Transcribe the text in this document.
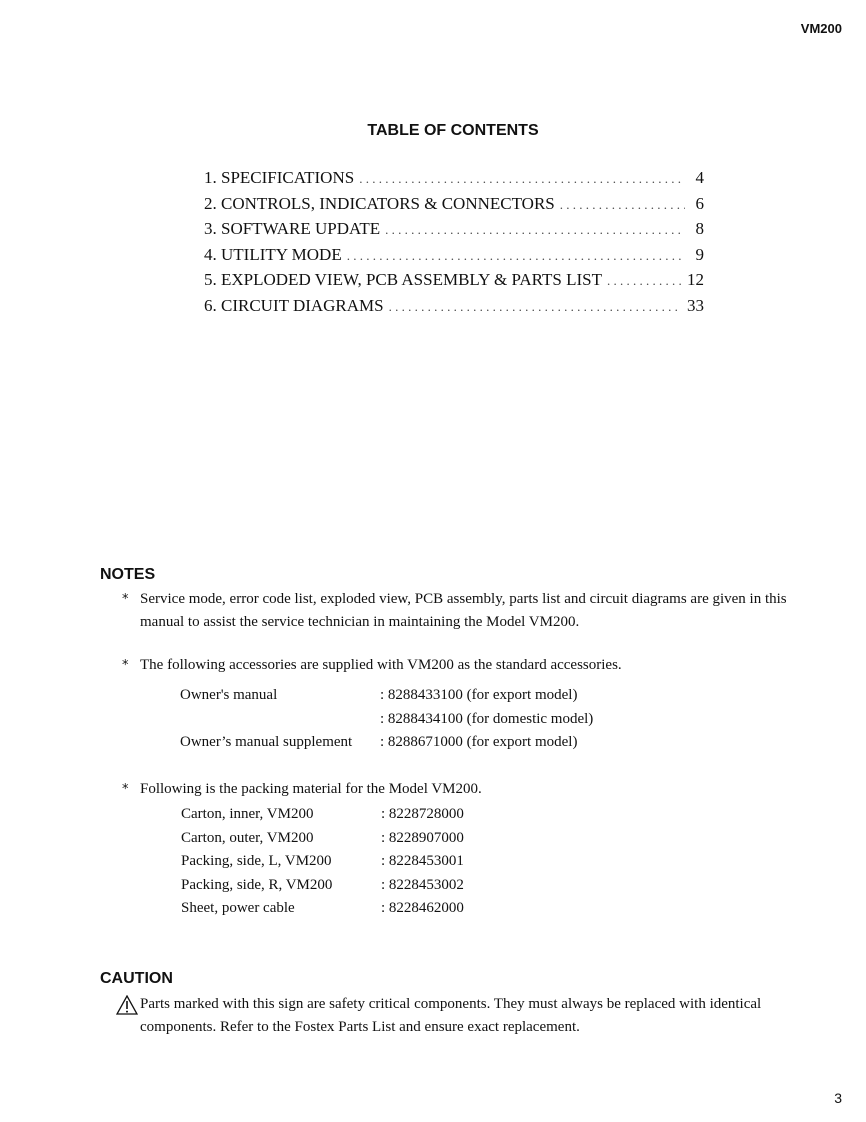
VM200
TABLE OF CONTENTS
1. SPECIFICATIONS . . .	4
2. CONTROLS, INDICATORS & CONNECTORS . . .	6
3. SOFTWARE UPDATE . . .	8
4. UTILITY MODE . . .	9
5. EXPLODED VIEW, PCB ASSEMBLY & PARTS LIST . . .	12
6. CIRCUIT DIAGRAMS . . .	33
NOTES
* Service mode, error code list, exploded view, PCB assembly, parts list and circuit diagrams are given in this
manual to assist the service technician in maintaining the Model VM200.
* The following accessories are supplied with VM200 as the standard accessories.
Owner's manual	: 8288433100 (for export model)
: 8288434100 (for domestic model)
Owner’s manual supplement	: 8288671000 (for export model)
* Following is the packing material for the Model VM200.
Carton, inner, VM200	: 8228728000
Carton, outer, VM200	: 8228907000
Packing, side, L, VM200	: 8228453001
Packing, side, R, VM200	: 8228453002
Sheet, power cable	: 8228462000
CAUTION
Parts marked with this sign are safety critical components. They must always be replaced with identical
components. Refer to the Fostex Parts List and ensure exact replacement.
3
